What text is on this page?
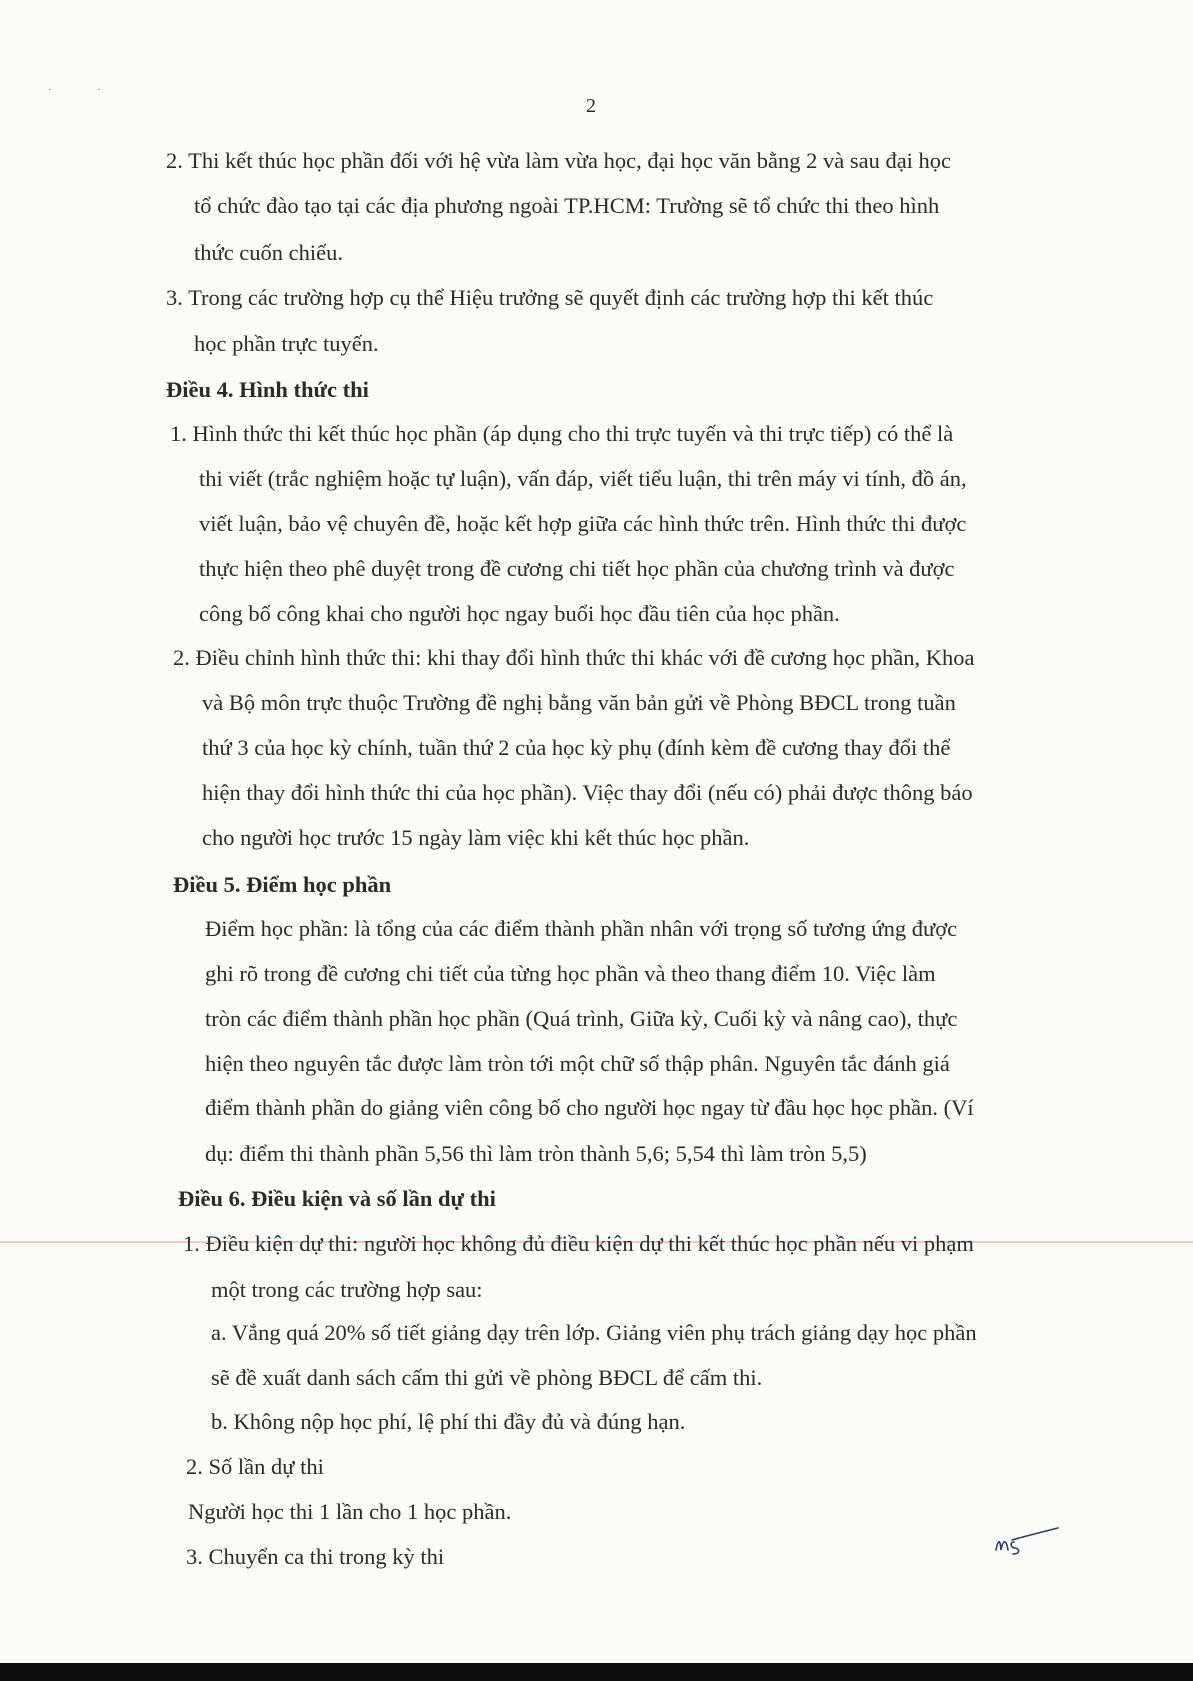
·	·
2
2. Thi kết thúc học phần đối với hệ vừa làm vừa học, đại học văn bằng 2 và sau đại học
tổ chức đào tạo tại các địa phương ngoài TP.HCM: Trường sẽ tổ chức thi theo hình
thức cuốn chiếu.
3. Trong các trường hợp cụ thể Hiệu trưởng sẽ quyết định các trường hợp thi kết thúc
học phần trực tuyến.
Điều 4. Hình thức thi
1. Hình thức thi kết thúc học phần (áp dụng cho thi trực tuyến và thi trực tiếp) có thể là
thi viết (trắc nghiệm hoặc tự luận), vấn đáp, viết tiểu luận, thi trên máy vi tính, đồ án,
viết luận, bảo vệ chuyên đề, hoặc kết hợp giữa các hình thức trên. Hình thức thi được
thực hiện theo phê duyệt trong đề cương chi tiết học phần của chương trình và được
công bố công khai cho người học ngay buổi học đầu tiên của học phần.
2. Điều chỉnh hình thức thi: khi thay đổi hình thức thi khác với đề cương học phần, Khoa
và Bộ môn trực thuộc Trường đề nghị bằng văn bản gửi về Phòng BĐCL trong tuần
thứ 3 của học kỳ chính, tuần thứ 2 của học kỳ phụ (đính kèm đề cương thay đổi thể
hiện thay đổi hình thức thi của học phần). Việc thay đổi (nếu có) phải được thông báo
cho người học trước 15 ngày làm việc khi kết thúc học phần.
Điều 5. Điểm học phần
Điểm học phần: là tổng của các điểm thành phần nhân với trọng số tương ứng được
ghi rõ trong đề cương chi tiết của từng học phần và theo thang điểm 10. Việc làm
tròn các điểm thành phần học phần (Quá trình, Giữa kỳ, Cuối kỳ và nâng cao), thực
hiện theo nguyên tắc được làm tròn tới một chữ số thập phân. Nguyên tắc đánh giá
điểm thành phần do giảng viên công bố cho người học ngay từ đầu học học phần. (Ví
dụ: điểm thi thành phần 5,56 thì làm tròn thành 5,6; 5,54 thì làm tròn 5,5)
Điều 6. Điều kiện và số lần dự thi
1. Điều kiện dự thi: người học không đủ điều kiện dự thi kết thúc học phần nếu vi phạm
một trong các trường hợp sau:
a. Vắng quá 20% số tiết giảng dạy trên lớp. Giảng viên phụ trách giảng dạy học phần
sẽ đề xuất danh sách cấm thi gửi về phòng BĐCL để cấm thi.
b. Không nộp học phí, lệ phí thi đầy đủ và đúng hạn.
2. Số lần dự thi
Người học thi 1 lần cho 1 học phần.
3. Chuyển ca thi trong kỳ thi
